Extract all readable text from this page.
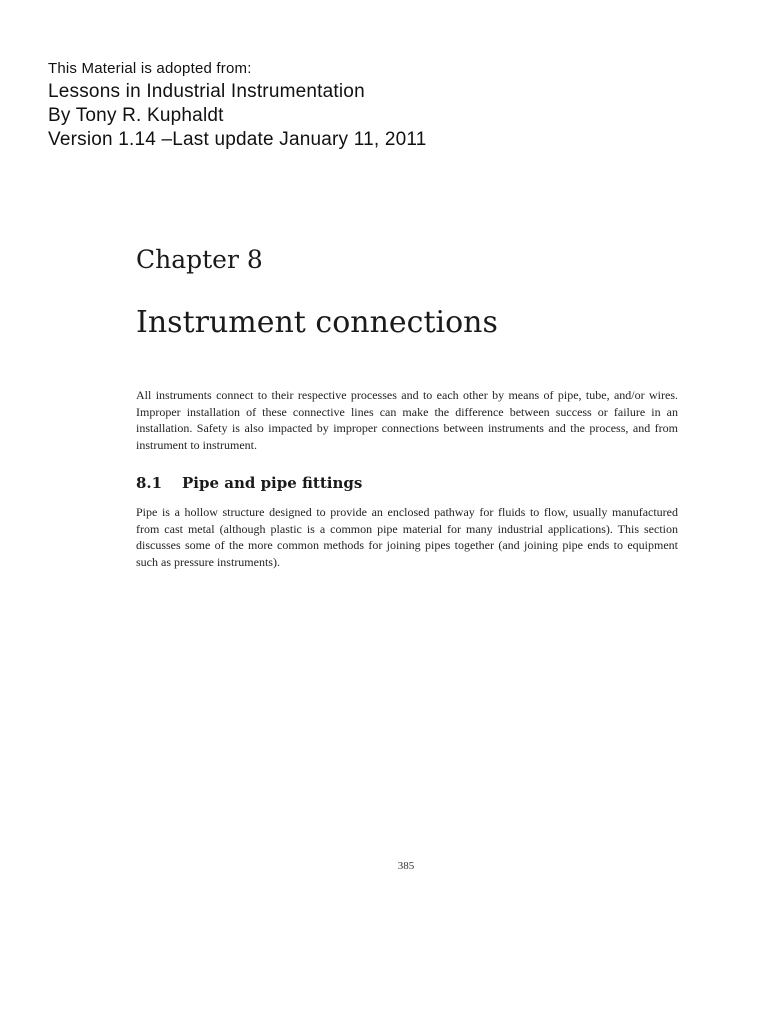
This Material is adopted from:
Lessons in Industrial Instrumentation
By Tony R. Kuphaldt
Version 1.14 –Last update January 11, 2011
Chapter 8
Instrument connections

All instruments connect to their respective processes and to each other by means of pipe, tube, and/or wires. Improper installation of these connective lines can make the difference between success or failure in an installation. Safety is also impacted by improper connections between instruments and the process, and from instrument to instrument.

8.1 Pipe and pipe fittings

Pipe is a hollow structure designed to provide an enclosed pathway for fluids to flow, usually manufactured from cast metal (although plastic is a common pipe material for many industrial applications). This section discusses some of the more common methods for joining pipes together (and joining pipe ends to equipment such as pressure instruments).

385
